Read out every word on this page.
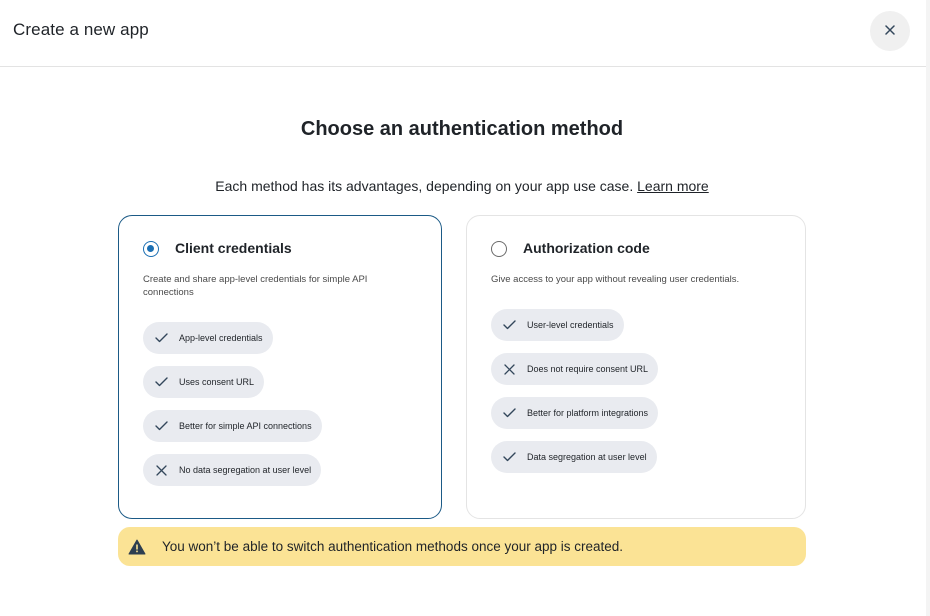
Create a new app
Choose an authentication method
Each method has its advantages, depending on your app use case. Learn more
Client credentials
Create and share app-level credentials for simple API connections
App-level credentials
Uses consent URL
Better for simple API connections
No data segregation at user level
Authorization code
Give access to your app without revealing user credentials.
User-level credentials
Does not require consent URL
Better for platform integrations
Data segregation at user level
You won’t be able to switch authentication methods once your app is created.
